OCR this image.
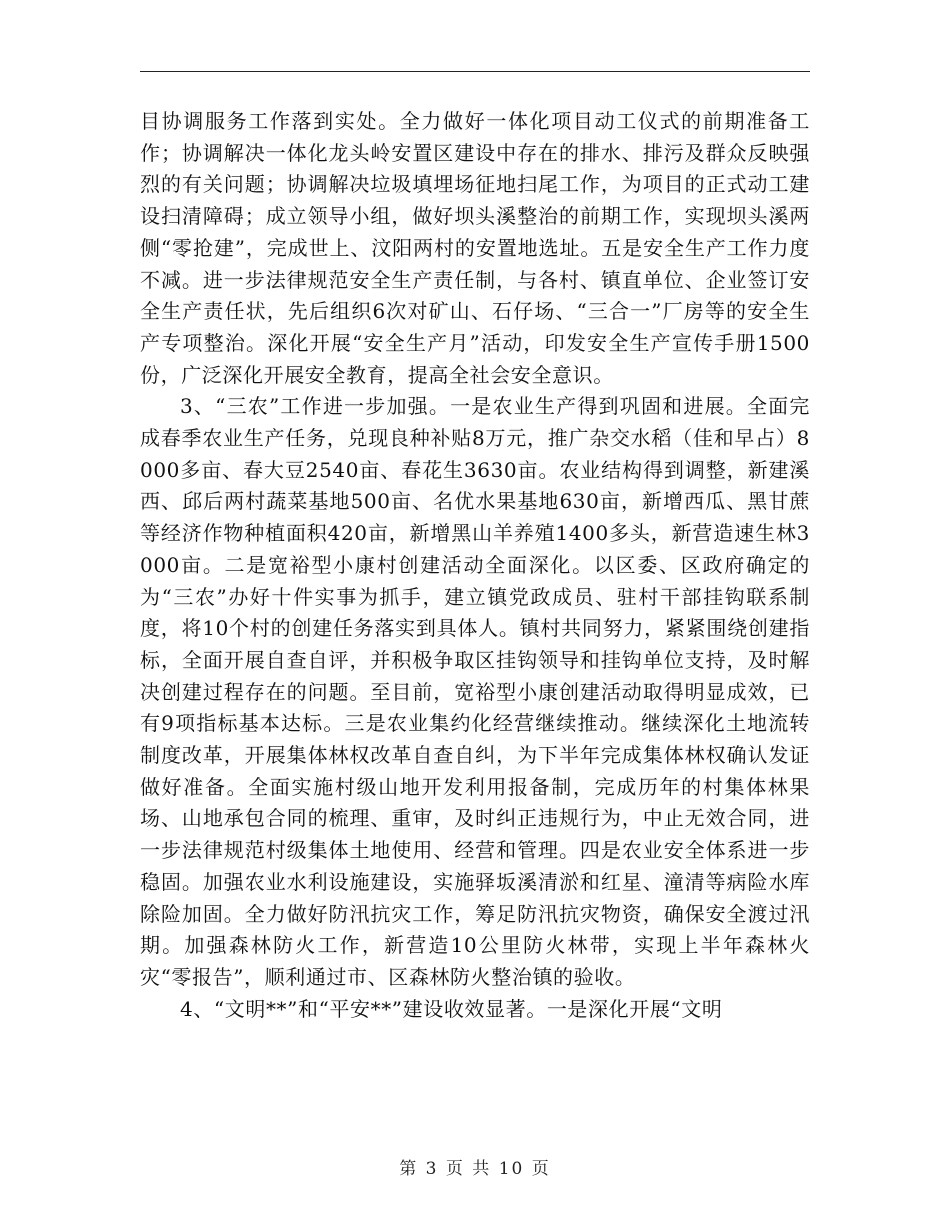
目协调服务工作落到实处。全力做好一体化项目动工仪式的前期准备工作；协调解决一体化龙头岭安置区建设中存在的排水、排污及群众反映强烈的有关问题；协调解决垃圾填埋场征地扫尾工作，为项目的正式动工建设扫清障碍；成立领导小组，做好坝头溪整治的前期工作，实现坝头溪两侧“零抢建”，完成世上、汶阳两村的安置地选址。五是安全生产工作力度不减。进一步法律规范安全生产责任制，与各村、镇直单位、企业签订安全生产责任状，先后组织6次对矿山、石仔场、“三合一”厂房等的安全生产专项整治。深化开展“安全生产月”活动，印发安全生产宣传手册1500份，广泛深化开展安全教育，提高全社会安全意识。

3、“三农”工作进一步加强。一是农业生产得到巩固和进展。全面完成春季农业生产任务，兑现良种补贴8万元，推广杂交水稻（佳和早占）8000多亩、春大豆2540亩、春花生3630亩。农业结构得到调整，新建溪西、邱后两村蔬菜基地500亩、名优水果基地630亩，新增西瓜、黑甘蔗等经济作物种植面积420亩，新增黑山羊养殖1400多头，新营造速生林3000亩。二是宽裕型小康村创建活动全面深化。以区委、区政府确定的为“三农”办好十件实事为抓手，建立镇党政成员、驻村干部挂钩联系制度，将10个村的创建任务落实到具体人。镇村共同努力，紧紧围绕创建指标，全面开展自查自评，并积极争取区挂钩领导和挂钩单位支持，及时解决创建过程存在的问题。至目前，宽裕型小康创建活动取得明显成效，已有9项指标基本达标。三是农业集约化经营继续推动。继续深化土地流转制度改革，开展集体林权改革自查自纠，为下半年完成集体林权确认发证做好准备。全面实施村级山地开发利用报备制，完成历年的村集体林果场、山地承包合同的梳理、重审，及时纠正违规行为，中止无效合同，进一步法律规范村级集体土地使用、经营和管理。四是农业安全体系进一步稳固。加强农业水利设施建设，实施驿坂溪清淤和红星、潼清等病险水库除险加固。全力做好防汛抗灾工作，筹足防汛抗灾物资，确保安全渡过汛期。加强森林防火工作，新营造10公里防火林带，实现上半年森林火灾“零报告”，顺利通过市、区森林防火整治镇的验收。

4、“文明**”和“平安**”建设收效显著。一是深化开展“文明

第 3 页 共 10 页
